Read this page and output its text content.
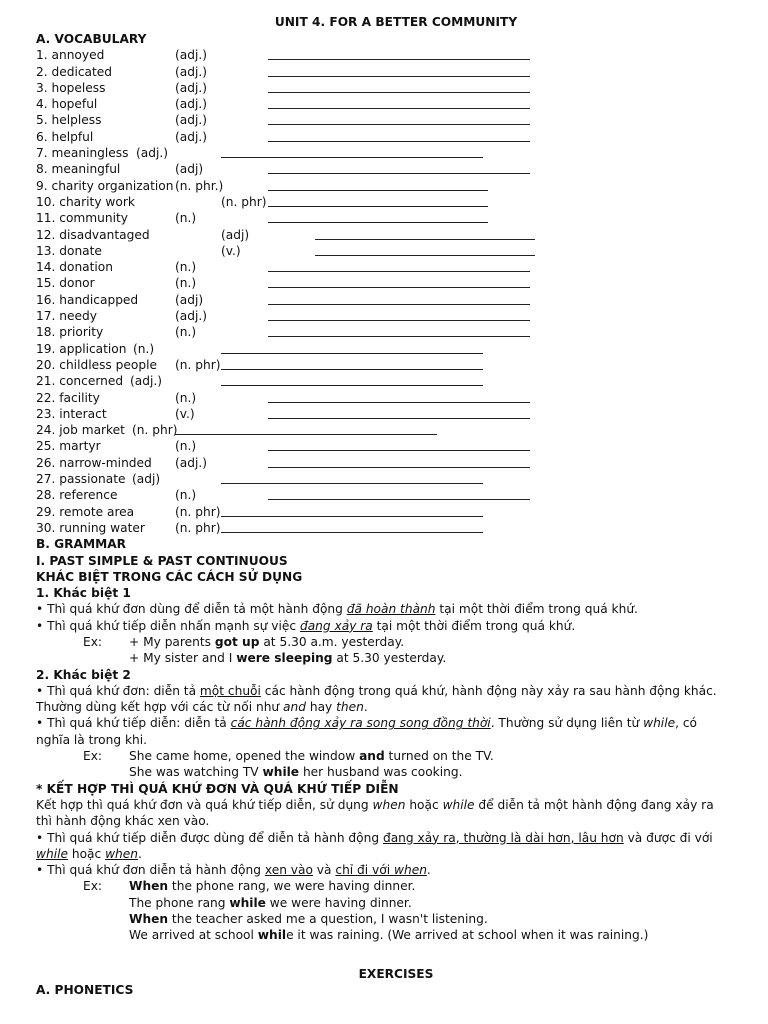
UNIT 4. FOR A BETTER COMMUNITY
A. VOCABULARY
1. annoyed	(adj.)
2. dedicated	(adj.)
3. hopeless	(adj.)
4. hopeful	(adj.)
5. helpless	(adj.)
6. helpful	(adj.)
7. meaningless (adj.)
8. meaningful	(adj)
9. charity organization (n. phr.)
10. charity work	(n. phr)
11. community	(n.)
12. disadvantaged	(adj)
13. donate	(v.)
14. donation	(n.)
15. donor	(n.)
16. handicapped	(adj)
17. needy	(adj.)
18. priority	(n.)
19. application (n.)
20. childless people (n. phr)
21. concerned (adj.)
22. facility	(n.)
23. interact	(v.)
24. job market (n. phr)
25. martyr	(n.)
26. narrow-minded (adj.)
27. passionate (adj)
28. reference	(n.)
29. remote area	(n. phr)
30. running water (n. phr)
B. GRAMMAR
I. PAST SIMPLE & PAST CONTINUOUS
KHÁC BIỆT TRONG CÁC CÁCH SỬ DỤNG
1. Khác biệt 1
• Thì quá khứ đơn dùng để diễn tả một hành động đã hoàn thành tại một thời điểm trong quá khứ.
• Thì quá khứ tiếp diễn nhấn mạnh sự việc đang xảy ra tại một thời điểm trong quá khứ.
Ex: + My parents got up at 5.30 a.m. yesterday.
+ My sister and I were sleeping at 5.30 yesterday.
2. Khác biệt 2
• Thì quá khứ đơn: diễn tả một chuỗi các hành động trong quá khứ, hành động này xảy ra sau hành động khác. Thường dùng kết hợp với các từ nối như and hay then.
• Thì quá khứ tiếp diễn: diễn tả các hành động xảy ra song song đồng thời. Thường sử dụng liên từ while, có nghĩa là trong khi.
Ex: She came home, opened the window and turned on the TV.
She was watching TV while her husband was cooking.
* KẾT HỢP THÌ QUÁ KHỨ ĐƠN VÀ QUÁ KHỨ TIẾP DIỄN
Kết hợp thì quá khứ đơn và quá khứ tiếp diễn, sử dụng when hoặc while để diễn tả một hành động đang xảy ra thì hành động khác xen vào.
• Thì quá khứ tiếp diễn được dùng để diễn tả hành động đang xảy ra, thường là dài hơn, lâu hơn và được đi với while hoặc when.
• Thì quá khứ đơn diễn tả hành động xen vào và chỉ đi với when.
Ex: When the phone rang, we were having dinner.
The phone rang while we were having dinner.
When the teacher asked me a question, I wasn't listening.
We arrived at school while it was raining. (We arrived at school when it was raining.)
EXERCISES
A. PHONETICS
